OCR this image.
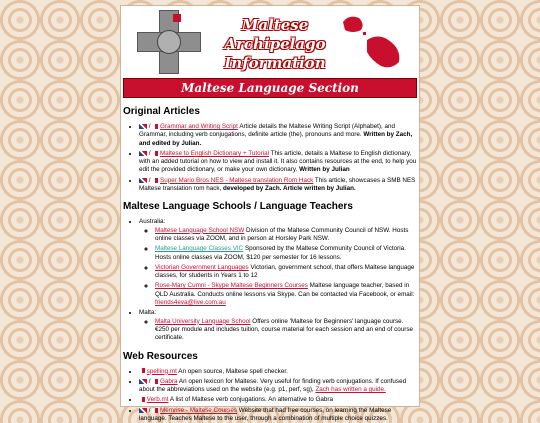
Maltese Archipelago Information
Maltese Language Section
Original Articles
• /  Grammar and Writing Script Article details the Maltese Writing Script (Alphabet), and Grammar, including verb conjugations, definite article (the), pronouns and more. Written by Zach, and edited by Julian.
• /  Maltese to English Dictionary + Tutorial This article, details a Maltese to English dictionary, with an added tutorial on how to view and install it. It also contains resources at the end, to help you edit the provided dictionary, or make your own dictionary. Written by Julian
• /  Super Mario Bros NES - Maltese translation Rom Hack This article, showcases a SMB NES Maltese translation rom hack, developed by Zach. Article written by Julian.
Maltese Language Schools / Language Teachers
• Australia:
◦ Maltese Language School NSW Division of the Maltese Community Council of NSW. Hosts online classes via ZOOM, and in person at Horsley Park NSW.
◦ Maltese Language Classes VIC Sponsored by the Maltese Community Council of Victoria. Hosts online classes via ZOOM, $120 per semester for 16 lessons.
◦ Victorian Government Languages Victorian, government school, that offers Maltese language classes, for students in Years 1 to 12
◦ Rose-Mary Cumni - Skype Maltese Beginners Courses Maltese language teacher, based in QLD Australia. Conducts online lessons via Skype. Can be contacted via Facebook, or email: friends4eva@live.com.au
• Malta:
◦ Malta University Language School Offers online 'Maltese for Beginners' language course. €250 per module and includes tuition, course material for each session and an end of course certificate.
Web Resources
• spelling.mt An open source, Maltese spell checker.
• /  Gabra An open lexicon for Maltese. Very useful for finding verb conjugations. If confused about the abbreviations used on the website (e.g. p1, perf, sg), Zach has written a guide.
• Verb.mt A list of Maltese verb conjugations. An alternative to Gabra
• /  Memrise - Maltese Courses Website that had free courses, on learning the Maltese language. Teaches Maltese to the user, through a combination of multiple choice quizzes.
